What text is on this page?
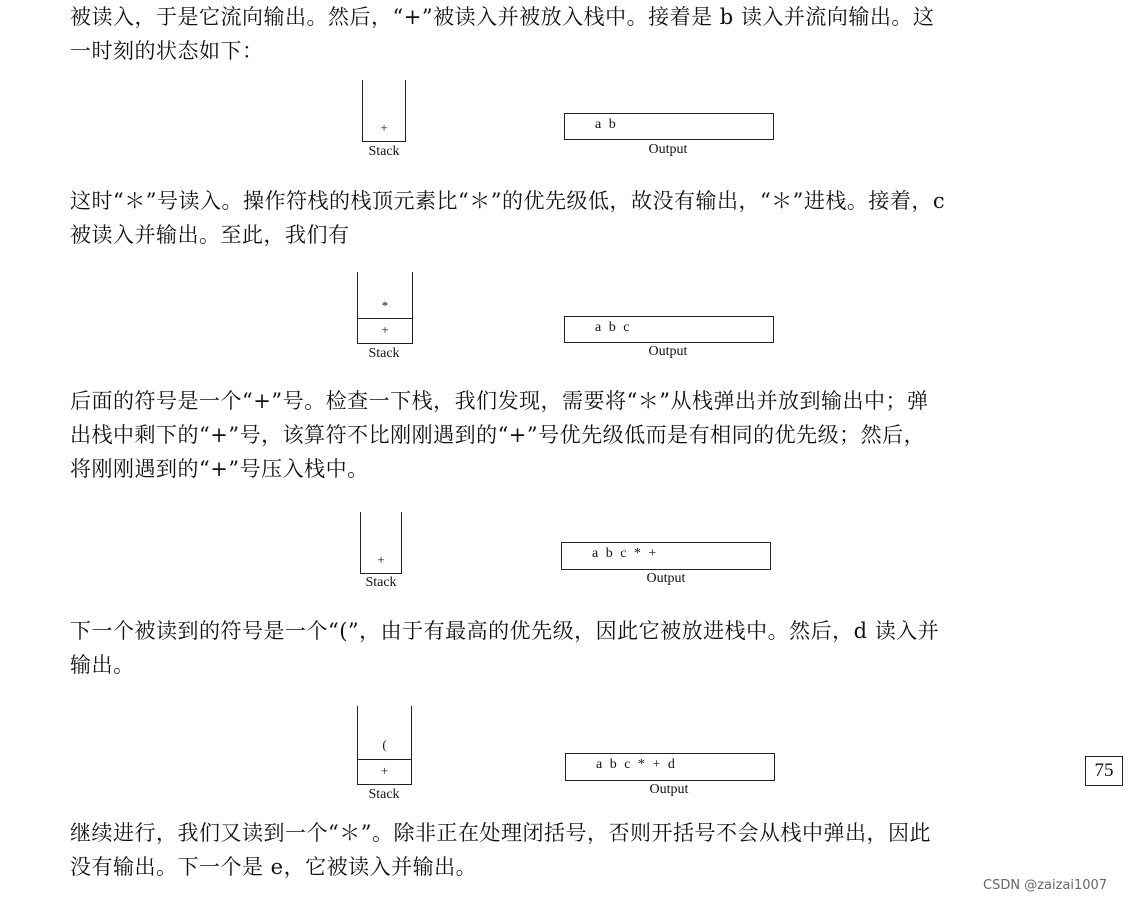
被读入，于是它流向输出。然后，“+”被读入并被放入栈中。接着是 b 读入并流向输出。这
一时刻的状态如下：

+
Stack
a b
Output

这时“＊”号读入。操作符栈的栈顶元素比“＊”的优先级低，故没有输出，“＊”进栈。接着，c
被读入并输出。至此，我们有

*
+
Stack
a b c
Output

后面的符号是一个“+”号。检查一下栈，我们发现，需要将“＊”从栈弹出并放到输出中；弹
出栈中剩下的“+”号，该算符不比刚刚遇到的“+”号优先级低而是有相同的优先级；然后，
将刚刚遇到的“+”号压入栈中。

+
Stack
a b c * +
Output

下一个被读到的符号是一个“(”，由于有最高的优先级，因此它被放进栈中。然后，d 读入并
输出。

(
+
Stack
a b c * + d
Output
75

继续进行，我们又读到一个“＊”。除非正在处理闭括号，否则开括号不会从栈中弹出，因此
没有输出。下一个是 e，它被读入并输出。

CSDN @zaizai1007
